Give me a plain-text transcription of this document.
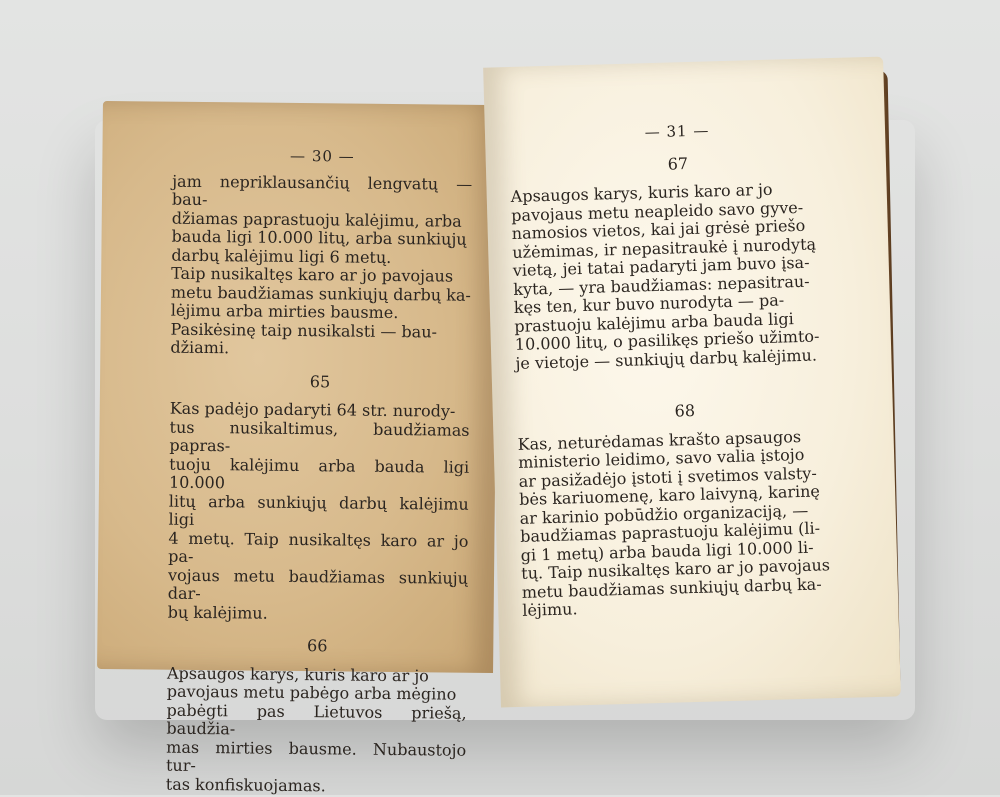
— 30 —

jam nepriklausančių lengvatų — bau-
džiamas paprastuoju kalėjimu, arba
bauda ligi 10.000 litų, arba sunkiųjų
darbų kalėjimu ligi 6 metų.

Taip nusikaltęs karo ar jo pavojaus
metu baudžiamas sunkiųjų darbų ka-
lėjimu arba mirties bausme.

Pasikėsinę taip nusikalsti — bau-
džiami.

65

Kas padėjo padaryti 64 str. nurody-
tus nusikaltimus, baudžiamas papras-
tuoju kalėjimu arba bauda ligi 10.000
litų arba sunkiųjų darbų kalėjimu ligi
4 metų. Taip nusikaltęs karo ar jo pa-
vojaus metu baudžiamas sunkiųjų dar-
bų kalėjimu.

66

Apsaugos karys, kuris karo ar jo
pavojaus metu pabėgo arba mėgino
pabėgti pas Lietuvos priešą, baudžia-
mas mirties bausme. Nubaustojo tur-
tas konfiskuojamas.

— 31 —
67

Apsaugos karys, kuris karo ar jo
pavojaus metu neapleido savo gyve-
namosios vietos, kai jai grėsė priešo
užėmimas, ir nepasitraukė į nurodytą
vietą, jei tatai padaryti jam buvo įsa-
kyta, — yra baudžiamas: nepasitrau-
kęs ten, kur buvo nurodyta — pa-
prastuoju kalėjimu arba bauda ligi
10.000 litų, o pasilikęs priešo užimto-
je vietoje — sunkiųjų darbų kalėjimu.

68

Kas, neturėdamas krašto apsaugos
ministerio leidimo, savo valia įstojo
ar pasižadėjo įstoti į svetimos valsty-
bės kariuomenę, karo laivyną, karinę
ar karinio pobūdžio organizaciją, —
baudžiamas paprastuoju kalėjimu (li-
gi 1 metų) arba bauda ligi 10.000 li-
tų. Taip nusikaltęs karo ar jo pavojaus
metu baudžiamas sunkiųjų darbų ka-
lėjimu.
